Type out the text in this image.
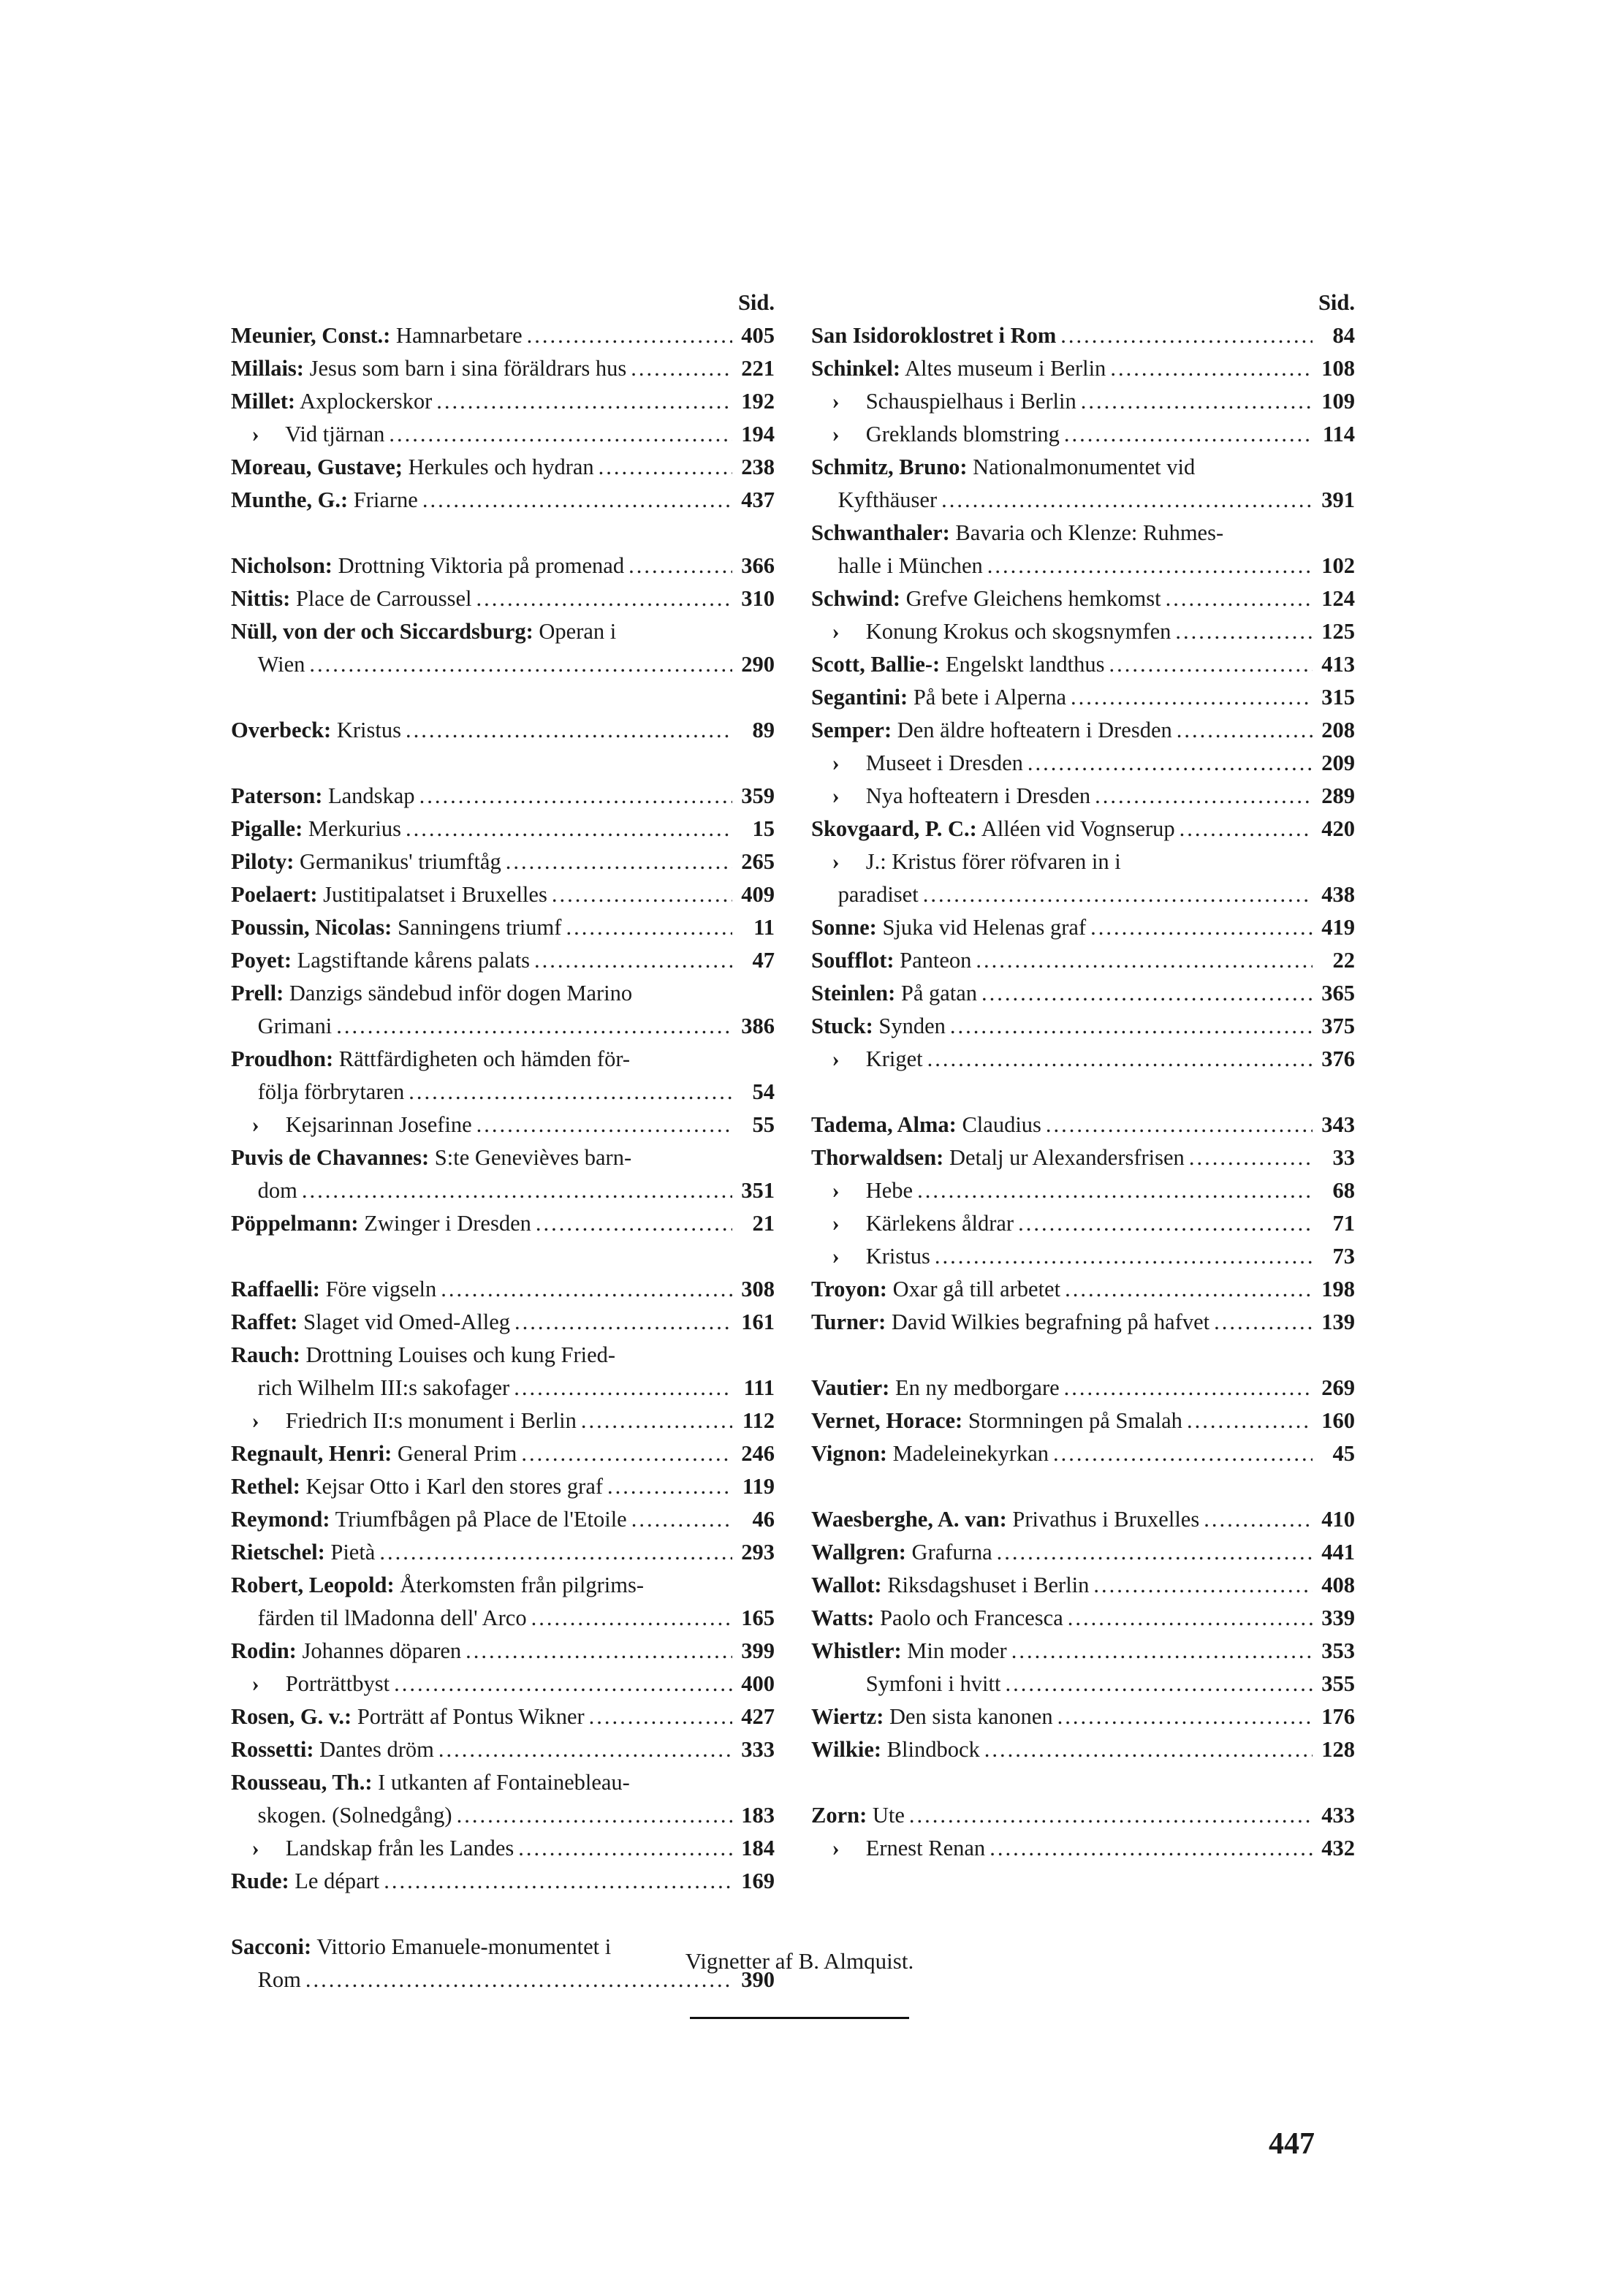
Sid.
Meunier, Const.: Hamnarbetare .....	405
Millais: Jesus som barn i sina föräldrars hus .....	221
Millet: Axplockerskor .....	192
› Vid tjärnan .....	194
Moreau, Gustave; Herkules och hydran .....	238
Munthe, G.: Friarne .....	437
Nicholson: Drottning Viktoria på promenad .....	366
Nittis: Place de Carroussel .....	310
Nüll, von der och Siccardsburg: Operan i
Wien .....	290
Overbeck: Kristus .....	89
Paterson: Landskap .....	359
Pigalle: Merkurius .....	15
Piloty: Germanikus' triumftåg .....	265
Poelaert: Justitipalatset i Bruxelles .....	409
Poussin, Nicolas: Sanningens triumf .....	11
Poyet: Lagstiftande kårens palats .....	47
Prell: Danzigs sändebud inför dogen Marino
Grimani .....	386
Proudhon: Rättfärdigheten och hämden för-
följa förbrytaren .....	54
› Kejsarinnan Josefine .....	55
Puvis de Chavannes: S:te Genevièves barn-
dom .....	351
Pöppelmann: Zwinger i Dresden .....	21
Raffaelli: Före vigseln .....	308
Raffet: Slaget vid Omed-Alleg .....	161
Rauch: Drottning Louises och kung Fried-
rich Wilhelm III:s sakofager .....	111
› Friedrich II:s monument i Berlin .....	112
Regnault, Henri: General Prim .....	246
Rethel: Kejsar Otto i Karl den stores graf .....	119
Reymond: Triumfbågen på Place de l'Etoile .....	46
Rietschel: Pietà .....	293
Robert, Leopold: Återkomsten från pilgrims-
färden til lMadonna dell' Arco .....	165
Rodin: Johannes döparen .....	399
› Porträttbyst .....	400
Rosen, G. v.: Porträtt af Pontus Wikner .....	427
Rossetti: Dantes dröm .....	333
Rousseau, Th.: I utkanten af Fontainebleau-
skogen. (Solnedgång) .....	183
› Landskap från les Landes .....	184
Rude: Le départ .....	169
Sacconi: Vittorio Emanuele-monumentet i
Rom .....	390
Sid.
San Isidoroklostret i Rom .....	84
Schinkel: Altes museum i Berlin .....	108
› Schauspielhaus i Berlin .....	109
› Greklands blomstring .....	114
Schmitz, Bruno: Nationalmonumentet vid
Kyfthäuser .....	391
Schwanthaler: Bavaria och Klenze: Ruhmes-
halle i München .....	102
Schwind: Grefve Gleichens hemkomst .....	124
› Konung Krokus och skogsnymfen .....	125
Scott, Ballie-: Engelskt landthus .....	413
Segantini: På bete i Alperna .....	315
Semper: Den äldre hofteatern i Dresden .....	208
› Museet i Dresden .....	209
› Nya hofteatern i Dresden .....	289
Skovgaard, P. C.: Alléen vid Vognserup .....	420
› J.: Kristus förer röfvaren in i
paradiset .....	438
Sonne: Sjuka vid Helenas graf .....	419
Soufflot: Panteon .....	22
Steinlen: På gatan .....	365
Stuck: Synden .....	375
› Kriget .....	376
Tadema, Alma: Claudius .....	343
Thorwaldsen: Detalj ur Alexandersfrisen .....	33
› Hebe .....	68
› Kärlekens åldrar .....	71
› Kristus .....	73
Troyon: Oxar gå till arbetet .....	198
Turner: David Wilkies begrafning på hafvet .....	139
Vautier: En ny medborgare .....	269
Vernet, Horace: Stormningen på Smalah .....	160
Vignon: Madeleinekyrkan .....	45
Waesberghe, A. van: Privathus i Bruxelles .....	410
Wallgren: Grafurna .....	441
Wallot: Riksdagshuset i Berlin .....	408
Watts: Paolo och Francesca .....	339
Whistler: Min moder .....	353
Symfoni i hvitt .....	355
Wiertz: Den sista kanonen .....	176
Wilkie: Blindbock .....	128
Zorn: Ute .....	433
› Ernest Renan .....	432
Vignetter af B. Almquist.
447
